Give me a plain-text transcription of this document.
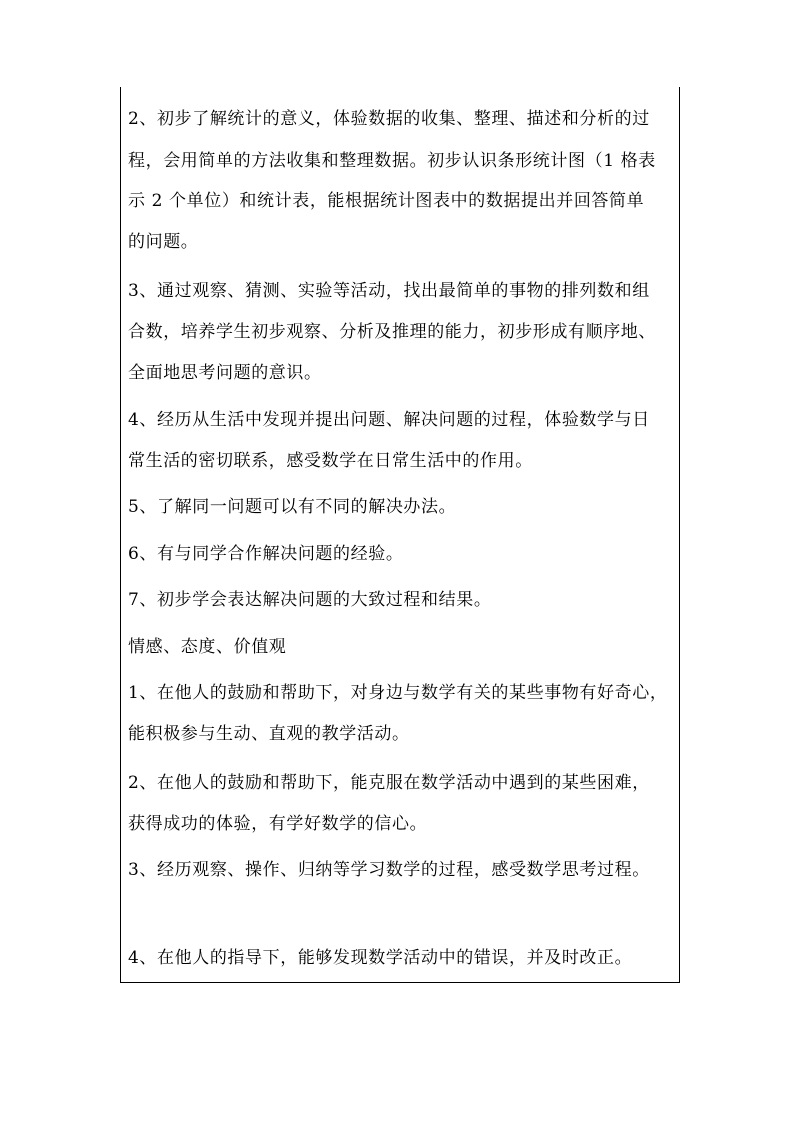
2、初步了解统计的意义，体验数据的收集、整理、描述和分析的过
程，会用简单的方法收集和整理数据。初步认识条形统计图（1 格表
示 2 个单位）和统计表，能根据统计图表中的数据提出并回答简单
的问题。
3、通过观察、猜测、实验等活动，找出最简单的事物的排列数和组
合数，培养学生初步观察、分析及推理的能力，初步形成有顺序地、
全面地思考问题的意识。
4、经历从生活中发现并提出问题、解决问题的过程，体验数学与日
常生活的密切联系，感受数学在日常生活中的作用。
5、了解同一问题可以有不同的解决办法。
6、有与同学合作解决问题的经验。
7、初步学会表达解决问题的大致过程和结果。
情感、态度、价值观
1、在他人的鼓励和帮助下，对身边与数学有关的某些事物有好奇心，
能积极参与生动、直观的教学活动。
2、在他人的鼓励和帮助下，能克服在数学活动中遇到的某些困难，
获得成功的体验，有学好数学的信心。
3、经历观察、操作、归纳等学习数学的过程，感受数学思考过程。
4、在他人的指导下，能够发现数学活动中的错误，并及时改正。
